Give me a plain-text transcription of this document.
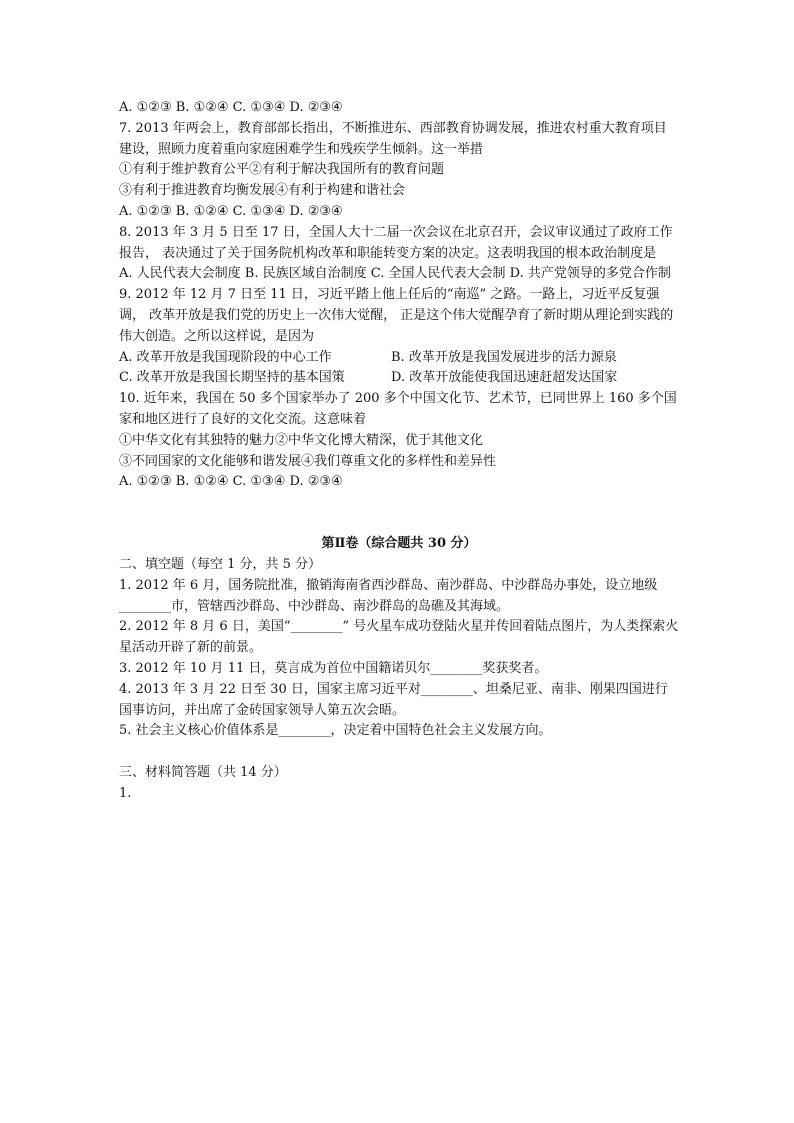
A. ①②③ B. ①②④ C. ①③④ D. ②③④
7. 2013 年两会上，教育部部长指出，不断推进东、西部教育协调发展，推进农村重大教育项目建设，照顾力度着重向家庭困难学生和残疾学生倾斜。这一举措
①有利于维护教育公平②有利于解决我国所有的教育问题
③有利于推进教育均衡发展④有利于构建和谐社会
A. ①②③ B. ①②④ C. ①③④ D. ②③④
8. 2013 年 3 月 5 日至 17 日，全国人大十二届一次会议在北京召开，会议审议通过了政府工作报告， 表决通过了关于国务院机构改革和职能转变方案的决定。这表明我国的根本政治制度是
A. 人民代表大会制度 B. 民族区域自治制度 C. 全国人民代表大会制 D. 共产党领导的多党合作制
9. 2012 年 12 月 7 日至 11 日，习近平踏上他上任后的“南巡” 之路。一路上，习近平反复强调， 改革开放是我们党的历史上一次伟大觉醒， 正是这个伟大觉醒孕育了新时期从理论到实践的伟大创造。之所以这样说，是因为
A. 改革开放是我国现阶段的中心工作	B. 改革开放是我国发展进步的活力源泉
C. 改革开放是我国长期坚持的基本国策	D. 改革开放能使我国迅速赶超发达国家
10. 近年来，我国在 50 多个国家举办了 200 多个中国文化节、艺术节，已同世界上 160 多个国家和地区进行了良好的文化交流。这意味着
①中华文化有其独特的魅力②中华文化博大精深，优于其他文化
③不同国家的文化能够和谐发展④我们尊重文化的多样性和差异性
A. ①②③ B. ①②④ C. ①③④ D. ②③④
第Ⅱ卷（综合题共 30 分）
二、填空题（每空 1 分，共 5 分）
1. 2012 年 6 月，国务院批准，撤销海南省西沙群岛、南沙群岛、中沙群岛办事处，设立地级________市，管辖西沙群岛、中沙群岛、南沙群岛的岛礁及其海域。
2. 2012 年 8 月 6 日，美国“________” 号火星车成功登陆火星并传回着陆点图片，为人类探索火星活动开辟了新的前景。
3. 2012 年 10 月 11 日，莫言成为首位中国籍诺贝尔________奖获奖者。
4. 2013 年 3 月 22 日至 30 日，国家主席习近平对________、坦桑尼亚、南非、刚果四国进行国事访问，并出席了金砖国家领导人第五次会晤。
5. 社会主义核心价值体系是________，决定着中国特色社会主义发展方向。
三、材料简答题（共 14 分）
1.
